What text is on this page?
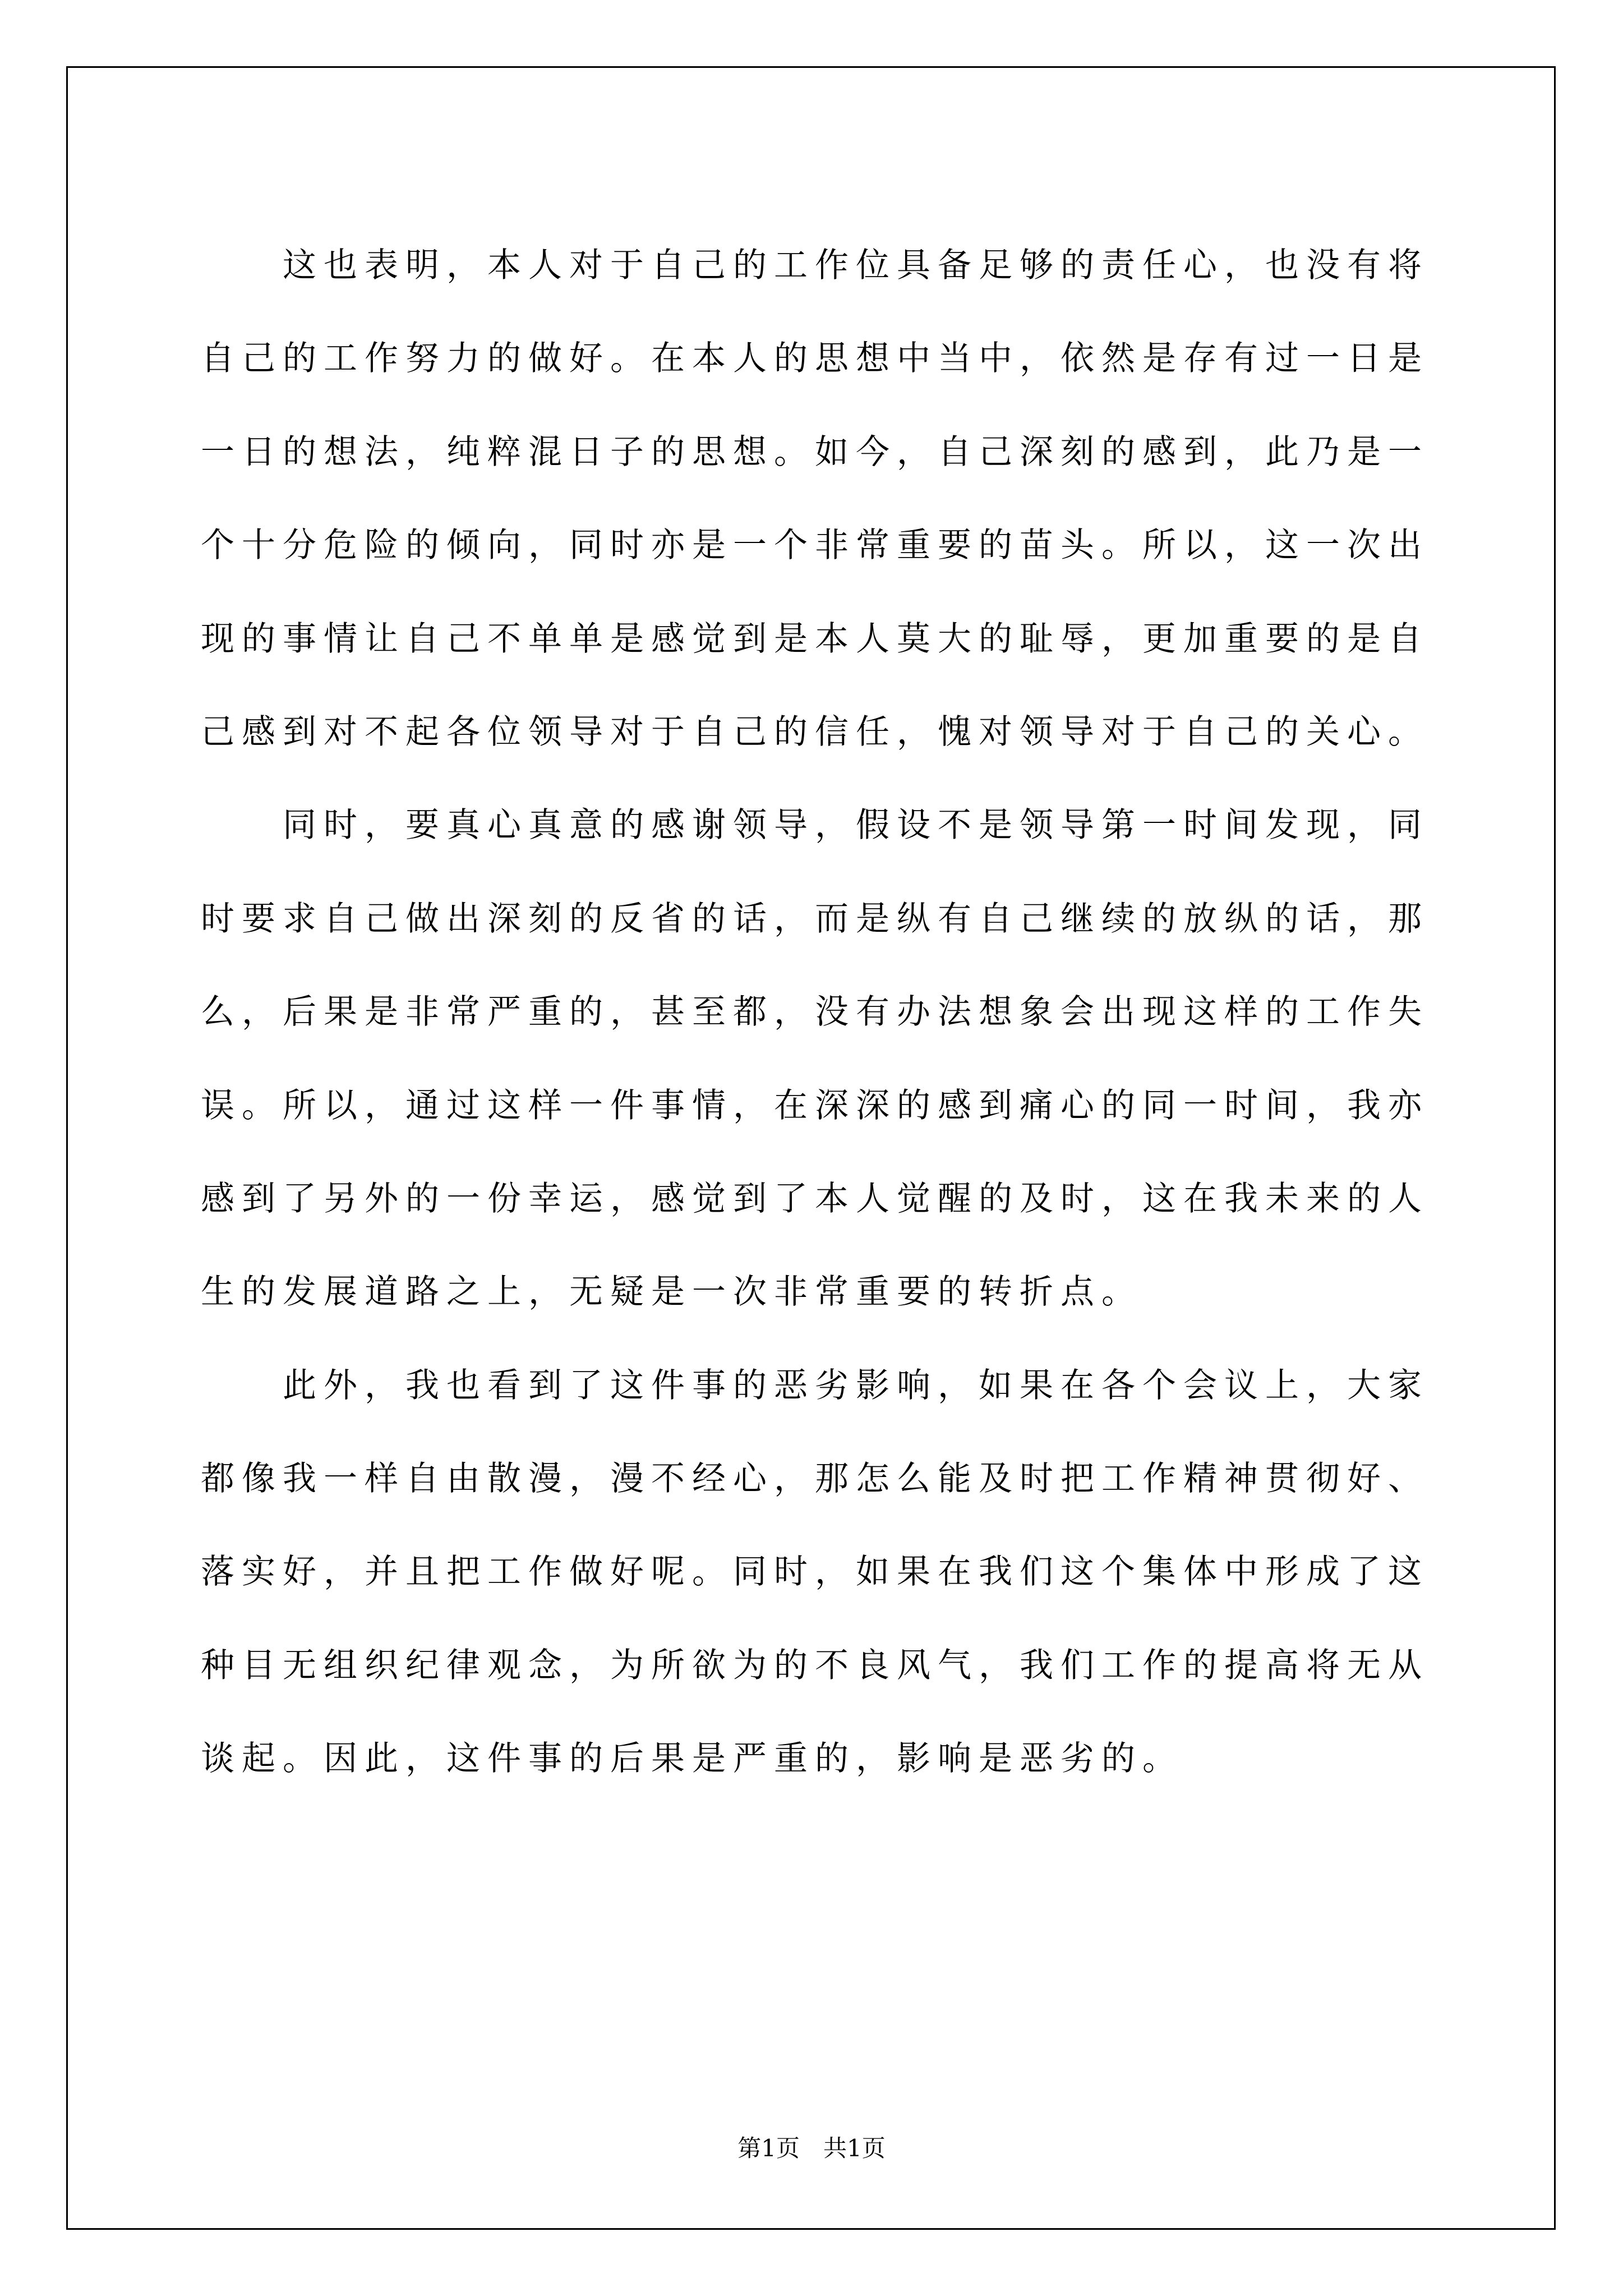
　　这也表明，本人对于自己的工作位具备足够的责任心，也没有将
自己的工作努力的做好。在本人的思想中当中，依然是存有过一日是
一日的想法，纯粹混日子的思想。如今，自己深刻的感到，此乃是一
个十分危险的倾向，同时亦是一个非常重要的苗头。所以，这一次出
现的事情让自己不单单是感觉到是本人莫大的耻辱，更加重要的是自
己感到对不起各位领导对于自己的信任，愧对领导对于自己的关心。
　　同时，要真心真意的感谢领导，假设不是领导第一时间发现，同
时要求自己做出深刻的反省的话，而是纵有自己继续的放纵的话，那
么，后果是非常严重的，甚至都，没有办法想象会出现这样的工作失
误。所以，通过这样一件事情，在深深的感到痛心的同一时间，我亦
感到了另外的一份幸运，感觉到了本人觉醒的及时，这在我未来的人
生的发展道路之上，无疑是一次非常重要的转折点。
　　此外，我也看到了这件事的恶劣影响，如果在各个会议上，大家
都像我一样自由散漫，漫不经心，那怎么能及时把工作精神贯彻好、
落实好，并且把工作做好呢。同时，如果在我们这个集体中形成了这
种目无组织纪律观念，为所欲为的不良风气，我们工作的提高将无从
谈起。因此，这件事的后果是严重的，影响是恶劣的。
第1页　共1页
